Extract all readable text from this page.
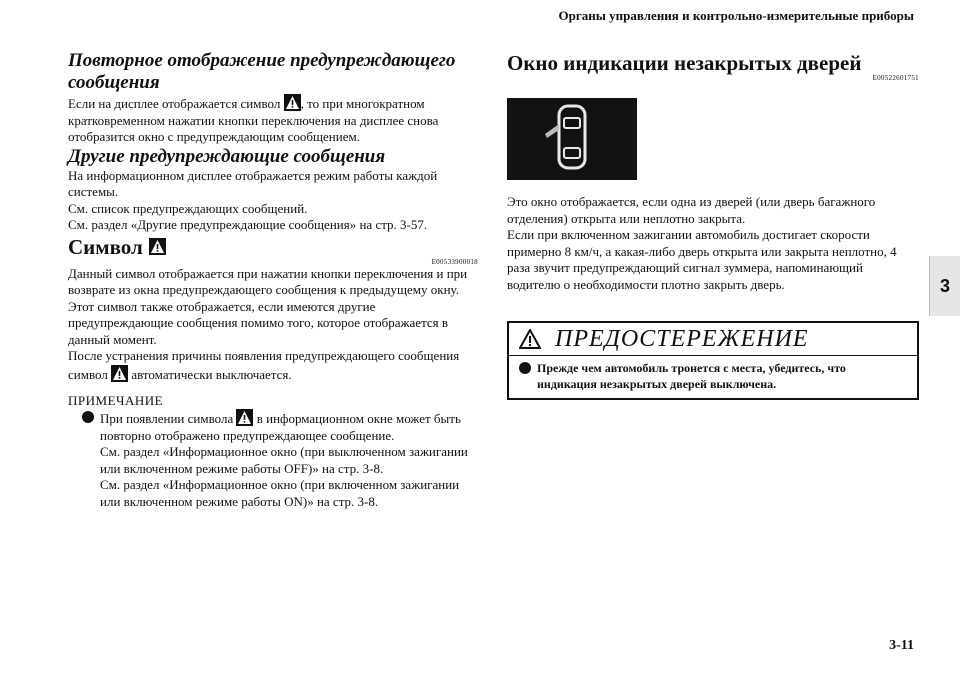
Органы управления и контрольно-измерительные приборы
Повторное отображение предупреждающего сообщения

Если на дисплее отображается символ , то при многократном кратковременном нажатии кнопки переключения на дисплее снова отобразится окно с предупреждающим сообщением.

Другие предупреждающие сообщения

На информационном дисплее отображается режим работы каждой системы.

См. список предупреждающих сообщений.

См. раздел «Другие предупреждающие сообщения» на стр. 3-57.

Символ
E00533900018

Данный символ отображается при нажатии кнопки переключения и при возврате из окна предупреждающего сообщения к предыдущему окну.

Этот символ также отображается, если имеются другие предупреждающие сообщения помимо того, которое отображается в данный момент.

После устранения причины появления предупреждающего сообщения символ автоматически выключается.

ПРИМЕЧАНИЕ

При появлении символа в информационном окне может быть повторно отображено предупреждающее сообщение.

См. раздел «Информационное окно (при выключенном зажигании или включенном режиме работы OFF)» на стр. 3-8.

См. раздел «Информационное окно (при включенном зажигании или включенном режиме работы ON)» на стр. 3-8.

Окно индикации незакрытых дверей
E00522601751

Это окно отображается, если одна из дверей (или дверь багажного отделения) открыта или неплотно закрыта.

Если при включенном зажигании автомобиль достигает скорости примерно 8 км/ч, а какая-либо дверь открыта или закрыта неплотно, 4 раза звучит предупреждающий сигнал зуммера, напоминающий водителю о необходимости плотно закрыть дверь.

ПРЕДОСТЕРЕЖЕНИЕ
Прежде чем автомобиль тронется с места, убедитесь, что индикация незакрытых дверей выключена.
3
3-11
